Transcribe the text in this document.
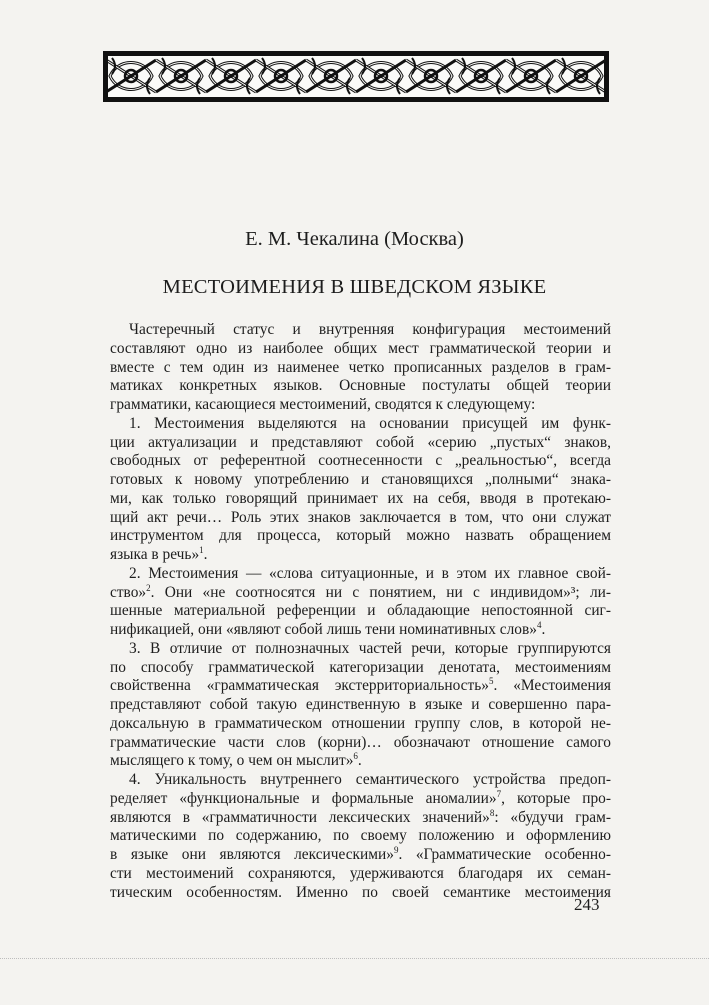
Е. М. Чекалина (Москва)
МЕСТОИМЕНИЯ В ШВЕДСКОМ ЯЗЫКЕ
Частеречный статус и внутренняя конфигурация местоимений
составляют одно из наиболее общих мест грамматической теории и
вместе с тем один из наименее четко прописанных разделов в грам-
матиках конкретных языков. Основные постулаты общей теории
грамматики, касающиеся местоимений, сводятся к следующему:
1. Местоимения выделяются на основании присущей им функ-
ции актуализации и представляют собой «серию „пустых“ знаков,
свободных от референтной соотнесенности с „реальностью“, всегда
готовых к новому употреблению и становящихся „полными“ знака-
ми, как только говорящий принимает их на себя, вводя в протекаю-
щий акт речи… Роль этих знаков заключается в том, что они служат
инструментом для процесса, который можно назвать обращением
языка в речь»$^1$.
2. Местоимения — «слова ситуационные, и в этом их главное свой-
ство»$^2$. Они «не соотносятся ни с понятием, ни с индивидом»³; ли-
шенные материальной референции и обладающие непостоянной сиг-
нификацией, они «являют собой лишь тени номинативных слов»$^4$.
3. В отличие от полнозначных частей речи, которые группируются
по способу грамматической категоризации денотата, местоимениям
свойственна «грамматическая экстерриториальность»$^5$. «Местоимения
представляют собой такую единственную в языке и совершенно пара-
доксальную в грамматическом отношении группу слов, в которой не-
грамматические части слов (корни)… обозначают отношение самого
мыслящего к тому, о чем он мыслит»$^6$.
4. Уникальность внутреннего семантического устройства предоп-
ределяет «функциональные и формальные аномалии»$^7$, которые про-
являются в «грамматичности лексических значений»$^8$: «будучи грам-
матическими по содержанию, по своему положению и оформлению
в языке они являются лексическими»$^9$. «Грамматические особенно-
сти местоимений сохраняются, удерживаются благодаря их семан-
тическим особенностям. Именно по своей семантике местоимения
243
